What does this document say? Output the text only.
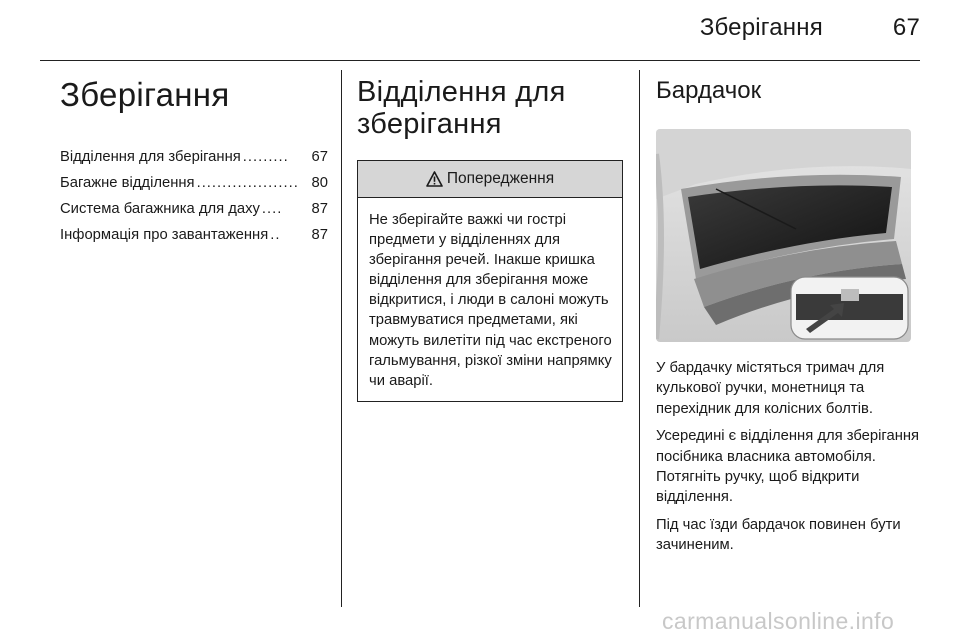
Зберігання	67
Зберігання
Відділення для зберігання .........	67
Багажне відділення .................... 80
Система багажника для даху ....	87
Інформація про завантаження ..	87
Відділення для
зберігання
Попередження
Не зберігайте важкі чи гострі предмети у відділеннях для зберігання речей. Інакше кришка відділення для зберігання може відкритися, і люди в салоні можуть травмуватися предметами, які можуть вилетіти під час екстреного гальмування, різкої зміни напрямку чи аварії.
Бардачок

У бардачку містяться тримач для кулькової ручки, монетниця та перехідник для колісних болтів.

Усередині є відділення для зберігання посібника власника автомобіля. Потягніть ручку, щоб відкрити відділення.

Під час їзди бардачок повинен бути зачиненим.

carmanualsonline.info
